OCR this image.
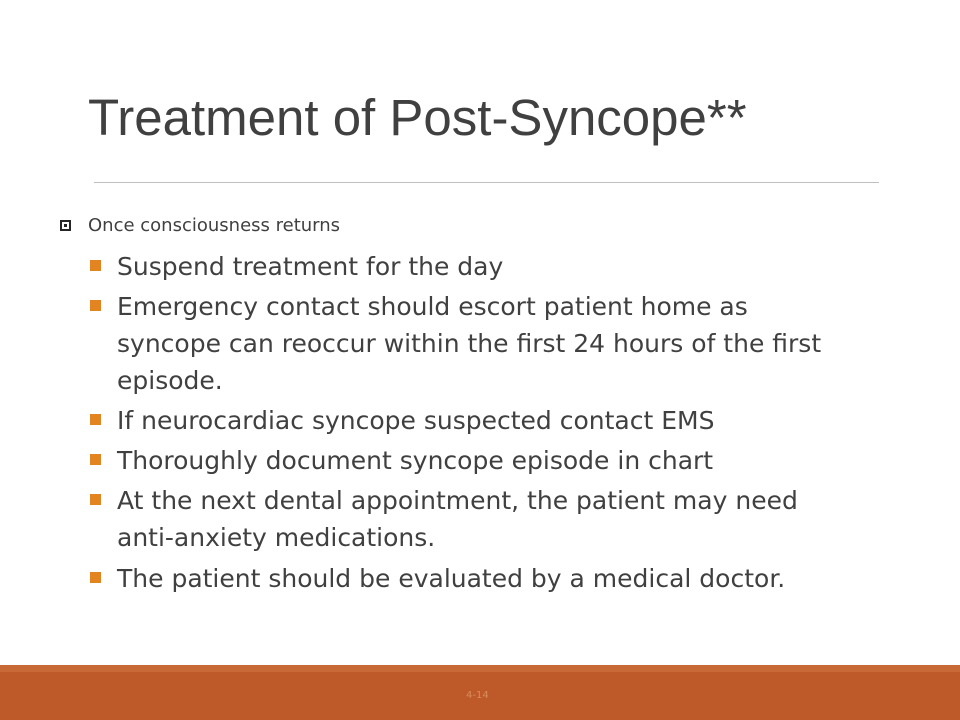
Treatment of Post-Syncope**
Once consciousness returns
Suspend treatment for the day
Emergency contact should escort patient home as syncope can reoccur within the first 24 hours of the first episode.
If neurocardiac syncope suspected contact EMS
Thoroughly document syncope episode in chart
At the next dental appointment, the patient may need anti-anxiety medications.
The patient should be evaluated by a medical doctor.
4-14
